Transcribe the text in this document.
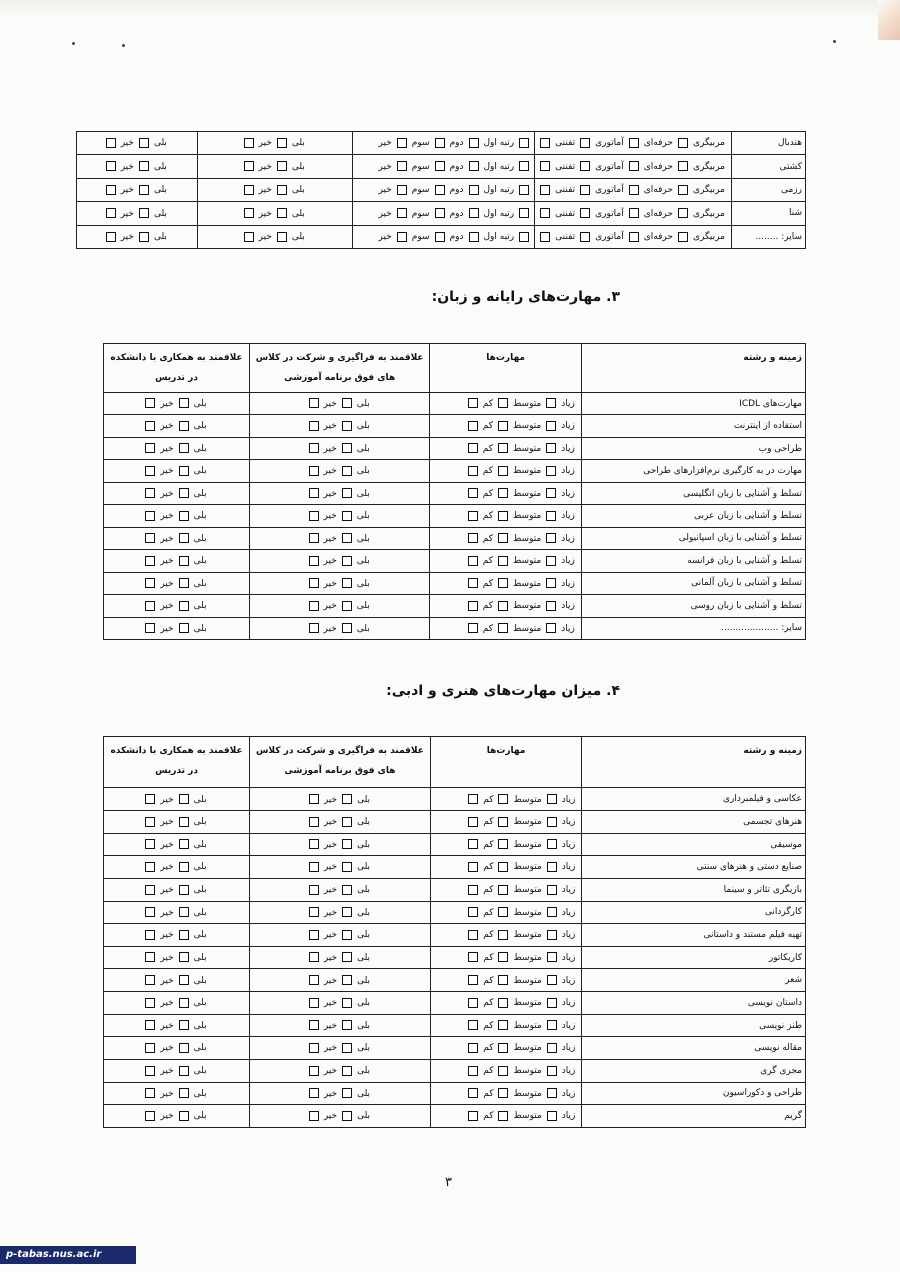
هندبال	مربیگریحرفه‌ایآماتوریتفننی	رتبه اولدومسومخیر	بلیخیر	بلیخیر
کشتی	مربیگریحرفه‌ایآماتوریتفننی	رتبه اولدومسومخیر	بلیخیر	بلیخیر
رزمی	مربیگریحرفه‌ایآماتوریتفننی	رتبه اولدومسومخیر	بلیخیر	بلیخیر
شنا	مربیگریحرفه‌ایآماتوریتفننی	رتبه اولدومسومخیر	بلیخیر	بلیخیر
سایر: ........	مربیگریحرفه‌ایآماتوریتفننی	رتبه اولدومسومخیر	بلیخیر	بلیخیر
۳. مهارت‌های رایانه و زبان:
زمینه و رشته	مهارت‌ها	علاقمند به فراگیری و شرکت در کلاس های فوق برنامه آموزشی	علاقمند به همکاری با دانشکده در تدریس
مهارت‌های ICDL	زیادمتوسطکم	بلیخیر	بلیخیر
استفاده از اینترنت	زیادمتوسطکم	بلیخیر	بلیخیر
طراحی وب	زیادمتوسطکم	بلیخیر	بلیخیر
مهارت در به کارگیری نرم‌افزارهای طراحی	زیادمتوسطکم	بلیخیر	بلیخیر
تسلط و آشنایی با زبان انگلیسی	زیادمتوسطکم	بلیخیر	بلیخیر
تسلط و آشنایی با زبان عربی	زیادمتوسطکم	بلیخیر	بلیخیر
تسلط و آشنایی با زبان اسپانیولی	زیادمتوسطکم	بلیخیر	بلیخیر
تسلط و آشنایی با زبان فرانسه	زیادمتوسطکم	بلیخیر	بلیخیر
تسلط و آشنایی با زبان آلمانی	زیادمتوسطکم	بلیخیر	بلیخیر
تسلط و آشنایی با زبان روسی	زیادمتوسطکم	بلیخیر	بلیخیر
سایر: ....................	زیادمتوسطکم	بلیخیر	بلیخیر
۴. میزان مهارت‌های هنری و ادبی:
زمینه و رشته	مهارت‌ها	علاقمند به فراگیری و شرکت در کلاس های فوق برنامه آموزشی	علاقمند به همکاری با دانشکده در تدریس
عکاسی و فیلمبرداری	زیادمتوسطکم	بلیخیر	بلیخیر
هنرهای تجسمی	زیادمتوسطکم	بلیخیر	بلیخیر
موسیقی	زیادمتوسطکم	بلیخیر	بلیخیر
صنایع دستی و هنرهای سنتی	زیادمتوسطکم	بلیخیر	بلیخیر
بازیگری تئاتر و سینما	زیادمتوسطکم	بلیخیر	بلیخیر
کارگردانی	زیادمتوسطکم	بلیخیر	بلیخیر
تهیه فیلم مستند و داستانی	زیادمتوسطکم	بلیخیر	بلیخیر
کاریکاتور	زیادمتوسطکم	بلیخیر	بلیخیر
شعر	زیادمتوسطکم	بلیخیر	بلیخیر
داستان نویسی	زیادمتوسطکم	بلیخیر	بلیخیر
طنز نویسی	زیادمتوسطکم	بلیخیر	بلیخیر
مقاله نویسی	زیادمتوسطکم	بلیخیر	بلیخیر
مجری گری	زیادمتوسطکم	بلیخیر	بلیخیر
طراحی و دکوراسیون	زیادمتوسطکم	بلیخیر	بلیخیر
گریم	زیادمتوسطکم	بلیخیر	بلیخیر
۳
p-tabas.nus.ac.ir
